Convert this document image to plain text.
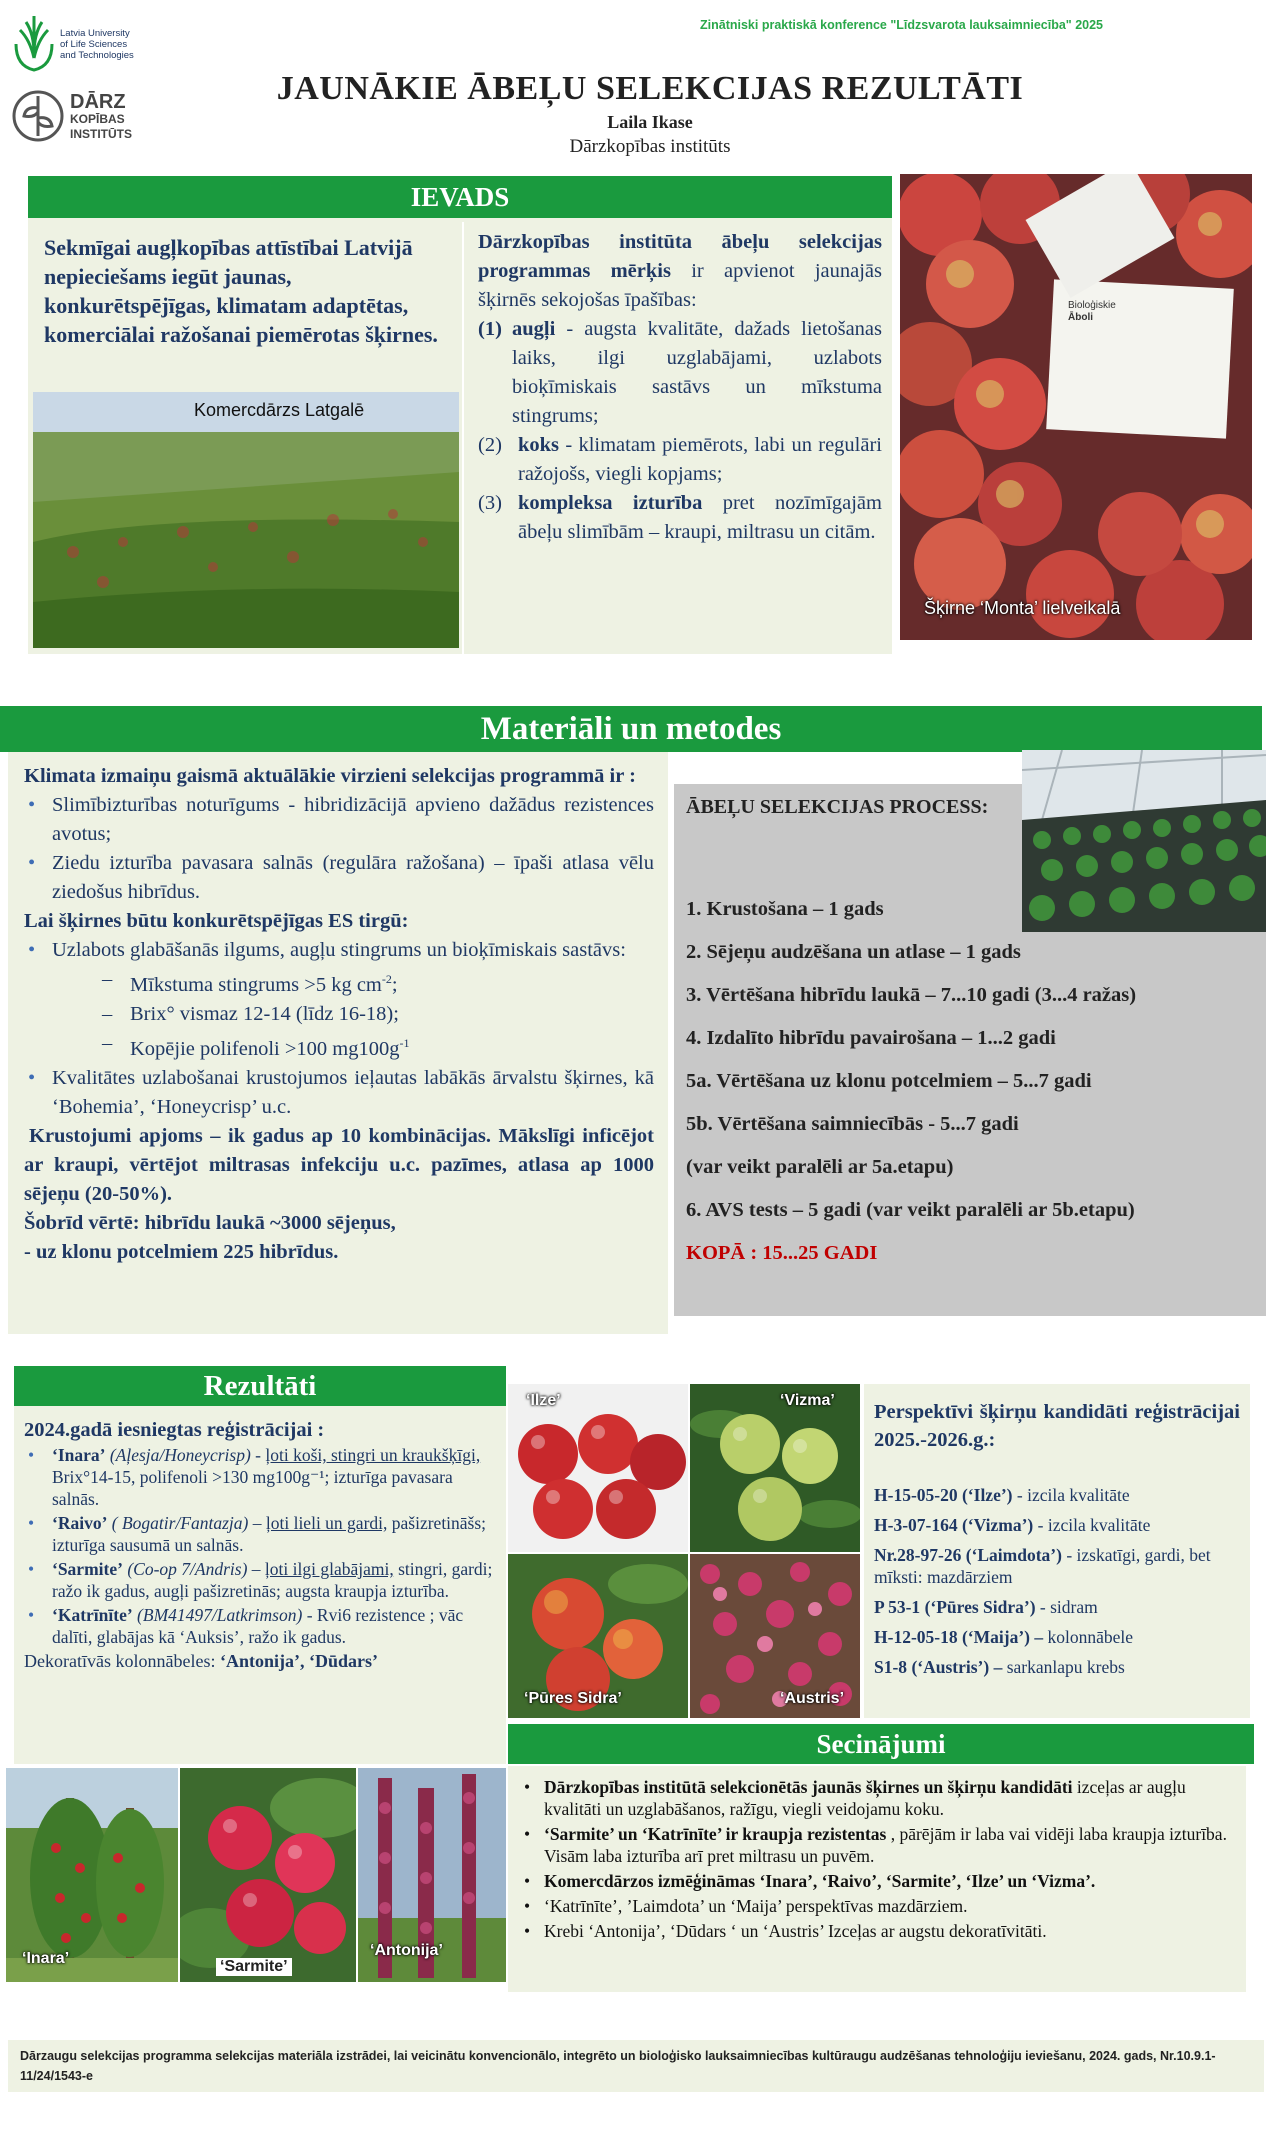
Latvia University
of Life Sciences
and Technologies
DĀRZ
KOPĪBAS
INSTITŪTS
Zinātniski praktiskā konference "Līdzsvarota lauksaimniecība" 2025
JAUNĀKIE ĀBEĻU SELEKCIJAS REZULTĀTI
Laila Ikase
Dārzkopības institūts
IEVADS
Sekmīgai augļkopības attīstībai Latvijā nepieciešams iegūt jaunas, konkurētspējīgas, klimatam adaptētas, komerciālai ražošanai piemērotas šķirnes.
Komercdārzs Latgalē
Dārzkopības institūta ābeļu selekcijas programmas mērķis ir apvienot jaunajās šķirnēs sekojošas īpašības:
(1) augļi - augsta kvalitāte, dažads lietošanas laiks, ilgi uzglabājami, uzlabots bioķīmiskais sastāvs un mīkstuma stingrums;
(2) koks - klimatam piemērots, labi un regulāri ražojošs, viegli kopjams;
(3) kompleksa izturība pret nozīmīgajām ābeļu slimībām – kraupi, miltrasu un citām.
Bioloģiskie
Āboli
Šķirne ‘Monta’ lielveikalā
Materiāli un metodes
Klimata izmaiņu gaismā aktuālākie virzieni selekcijas programmā ir :
• Slimībizturības noturīgums - hibridizācijā apvieno dažādus rezistences avotus;
• Ziedu izturība pavasara salnās (regulāra ražošana) – īpaši atlasa vēlu ziedošus hibrīdus.
Lai šķirnes būtu konkurētspējīgas ES tirgū:
• Uzlabots glabāšanās ilgums, augļu stingrums un bioķīmiskais sastāvs:
– Mīkstuma stingrums >5 kg $cm^{-2}$;
– Brix° vismaz 12-14 (līdz 16-18);
– Kopējie polifenoli >100 $mg100g^{-1}$
• Kvalitātes uzlabošanai krustojumos ieļautas labākās ārvalstu šķirnes, kā ‘Bohemia’, ‘Honeycrisp’ u.c.
Krustojumi apjoms – ik gadus ap 10 kombinācijas. Mākslīgi inficējot ar kraupi, vērtējot miltrasas infekciju u.c. pazīmes, atlasa ap 1000 sējeņu (20-50%).
Šobrīd vērtē: hibrīdu laukā ~3000 sējeņus,
- uz klonu potcelmiem 225 hibrīdus.
ĀBEĻU SELEKCIJAS PROCESS:
1. Krustošana – 1 gads
2. Sējeņu audzēšana un atlase – 1 gads
3. Vērtēšana hibrīdu laukā – 7...10 gadi (3...4 ražas)
4. Izdalīto hibrīdu pavairošana – 1...2 gadi
5a. Vērtēšana uz klonu potcelmiem – 5...7 gadi
5b. Vērtēšana saimniecībās - 5...7 gadi
(var veikt paralēli ar 5a.etapu)
6. AVS tests – 5 gadi (var veikt paralēli ar 5b.etapu)
KOPĀ : 15...25 GADI
Rezultāti
2024.gadā iesniegtas reģistrācijai :
• ‘Inara’ (Aļesja/Honeycrisp) - ļoti koši, stingri un kraukšķīgi, Brix°14-15, polifenoli >130 mg100g⁻¹; izturīga pavasara salnās.
• ‘Raivo’ ( Bogatir/Fantazja) – ļoti lieli un gardi, pašizretināšs; izturīga sausumā un salnās.
• ‘Sarmite’ (Co-op 7/Andris) – ļoti ilgi glabājami, stingri, gardi; ražo ik gadus, augļi pašizretinās; augsta kraupja izturība.
• ‘Katrīnīte’ (BM41497/Latkrimson) - Rvi6 rezistence ; vāc dalīti, glabājas kā ‘Auksis’, ražo ik gadus.
Dekoratīvās kolonnābeles: ‘Antonija’, ‘Dūdars’
‘Ilze’	‘Vizma’
‘Pūres Sidra’	‘Austris’
Perspektīvi šķirņu kandidāti reģistrācijai 2025.-2026.g.:
H-15-05-20 (‘Ilze’) - izcila kvalitāte
H-3-07-164 (‘Vizma’) - izcila kvalitāte
Nr.28-97-26 (‘Laimdota’) - izskatīgi, gardi, bet mīksti: mazdārziem
P 53-1 (‘Pūres Sidra’) - sidram
H-12-05-18 (‘Maija’) – kolonnābele
S1-8 (‘Austris’) – sarkanlapu krebs
‘Inara’	‘Sarmite’
‘Antonija’
Secinājumi
• Dārzkopības institūtā selekcionētās jaunās šķirnes un šķirņu kandidāti izceļas ar augļu kvalitāti un uzglabāšanos, ražīgu, viegli veidojamu koku.
• ‘Sarmite’ un ‘Katrīnīte’ ir kraupja rezistentas , pārējām ir laba vai vidēji laba kraupja izturība. Visām laba izturība arī pret miltrasu un puvēm.
• Komercdārzos izmēģināmas ‘Inara’, ‘Raivo’, ‘Sarmite’, ‘Ilze’ un ‘Vizma’.
• ‘Katrīnīte’, ’Laimdota’ un ‘Maija’ perspektīvas mazdārziem.
• Krebi ‘Antonija’, ‘Dūdars ‘ un ‘Austris’ Izceļas ar augstu dekoratīvitāti.
Dārzaugu selekcijas programma selekcijas materiāla izstrādei, lai veicinātu konvencionālo, integrēto un bioloģisko lauksaimniecības kultūraugu audzēšanas tehnoloģiju ieviešanu, 2024. gads, Nr.10.9.1-11/24/1543-e
